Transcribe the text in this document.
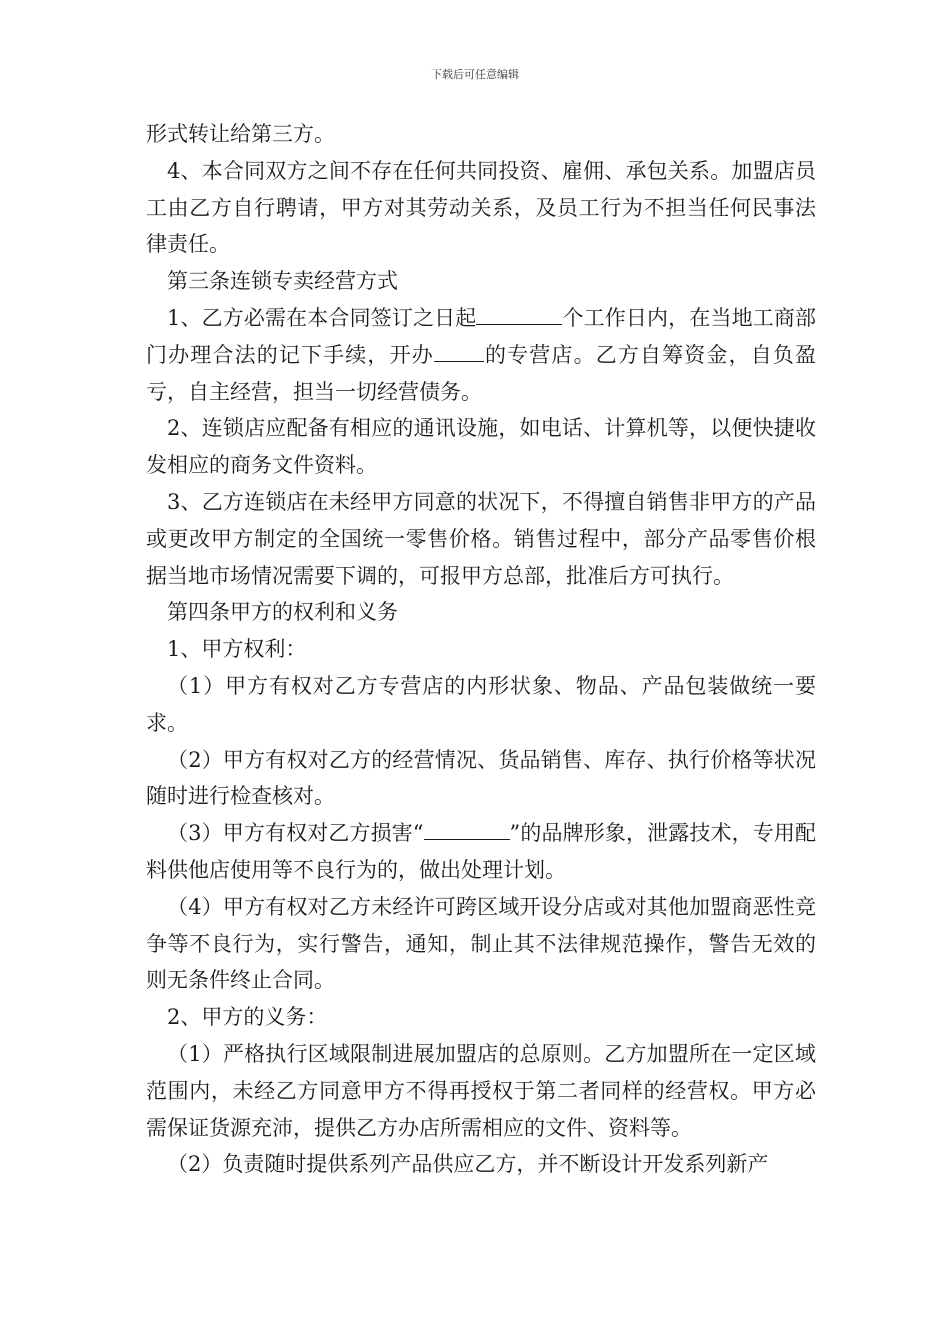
下载后可任意编辑

形式转让给第三方。

4、本合同双方之间不存在任何共同投资、雇佣、承包关系。加盟店员工由乙方自行聘请，甲方对其劳动关系，及员工行为不担当任何民事法律责任。

第三条连锁专卖经营方式

1、乙方必需在本合同签订之日起	个工作日内，在当地工商部门办理合法的记下手续，开办 的专营店。乙方自筹资金，自负盈亏，自主经营，担当一切经营债务。

2、连锁店应配备有相应的通讯设施，如电话、计算机等，以便快捷收发相应的商务文件资料。

3、乙方连锁店在未经甲方同意的状况下，不得擅自销售非甲方的产品或更改甲方制定的全国统一零售价格。销售过程中，部分产品零售价根据当地市场情况需要下调的，可报甲方总部，批准后方可执行。

第四条甲方的权利和义务

1、甲方权利：

（1）甲方有权对乙方专营店的内形状象、物品、产品包装做统一要求。

（2）甲方有权对乙方的经营情况、货品销售、库存、执行价格等状况随时进行检查核对。

（3）甲方有权对乙方损害“	”的品牌形象，泄露技术，专用配料供他店使用等不良行为的，做出处理计划。

（4）甲方有权对乙方未经许可跨区域开设分店或对其他加盟商恶性竞争等不良行为，实行警告，通知，制止其不法律规范操作，警告无效的则无条件终止合同。

2、甲方的义务：

（1）严格执行区域限制进展加盟店的总原则。乙方加盟所在一定区域范围内，未经乙方同意甲方不得再授权于第二者同样的经营权。甲方必需保证货源充沛，提供乙方办店所需相应的文件、资料等。

（2）负责随时提供系列产品供应乙方，并不断设计开发系列新产
